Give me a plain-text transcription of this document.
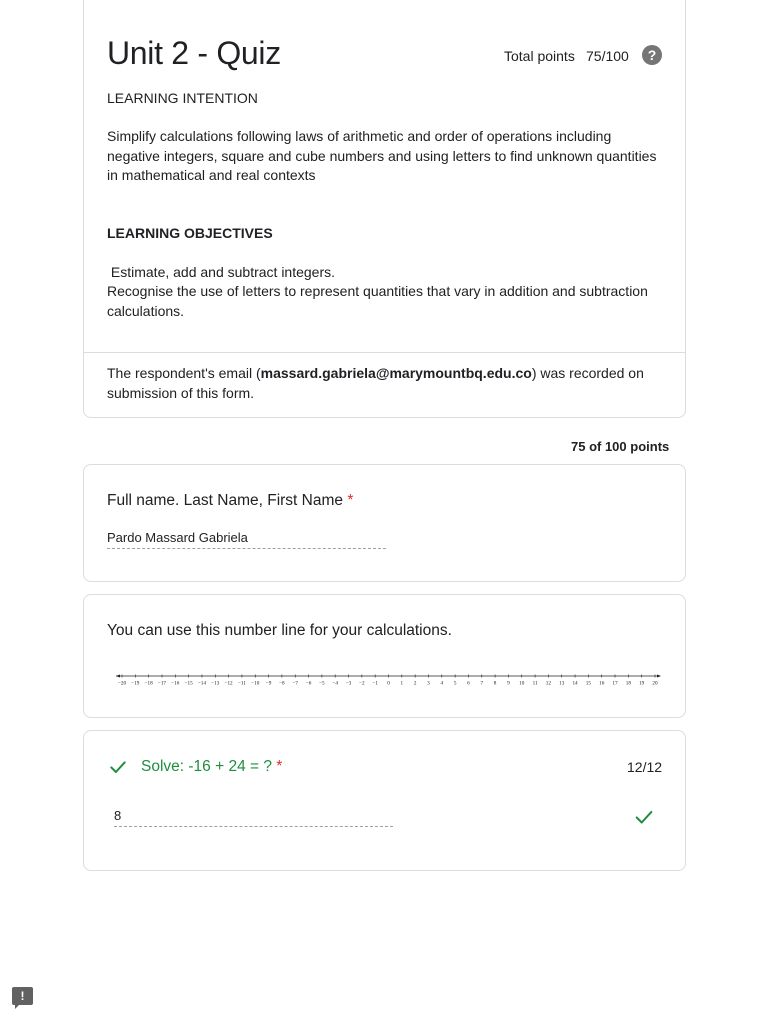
Unit 2 - Quiz	Total points 75/100	?
LEARNING INTENTION
Simplify calculations following laws of arithmetic and order of operations including negative integers, square and cube numbers and using letters to find unknown quantities in mathematical and real contexts
LEARNING OBJECTIVES
Estimate, add and subtract integers.
Recognise the use of letters to represent quantities that vary in addition and subtraction calculations.
The respondent's email (massard.gabriela@marymountbq.edu.co) was recorded on submission of this form.
75 of 100 points
Full name. Last Name, First Name *
Pardo Massard Gabriela
You can use this number line for your calculations.
−20 −19 −18 −17 −16 −15 −14 −13 −12 −11 −10 −9 −8 −7 −6 −5 −4 −3 −2 −1 0 1 2 3 4 5 6 7 8 9 10 11 12 13 14 15 16 17 18 19 20
Solve: -16 + 24 = ? *	12/12
8
!
